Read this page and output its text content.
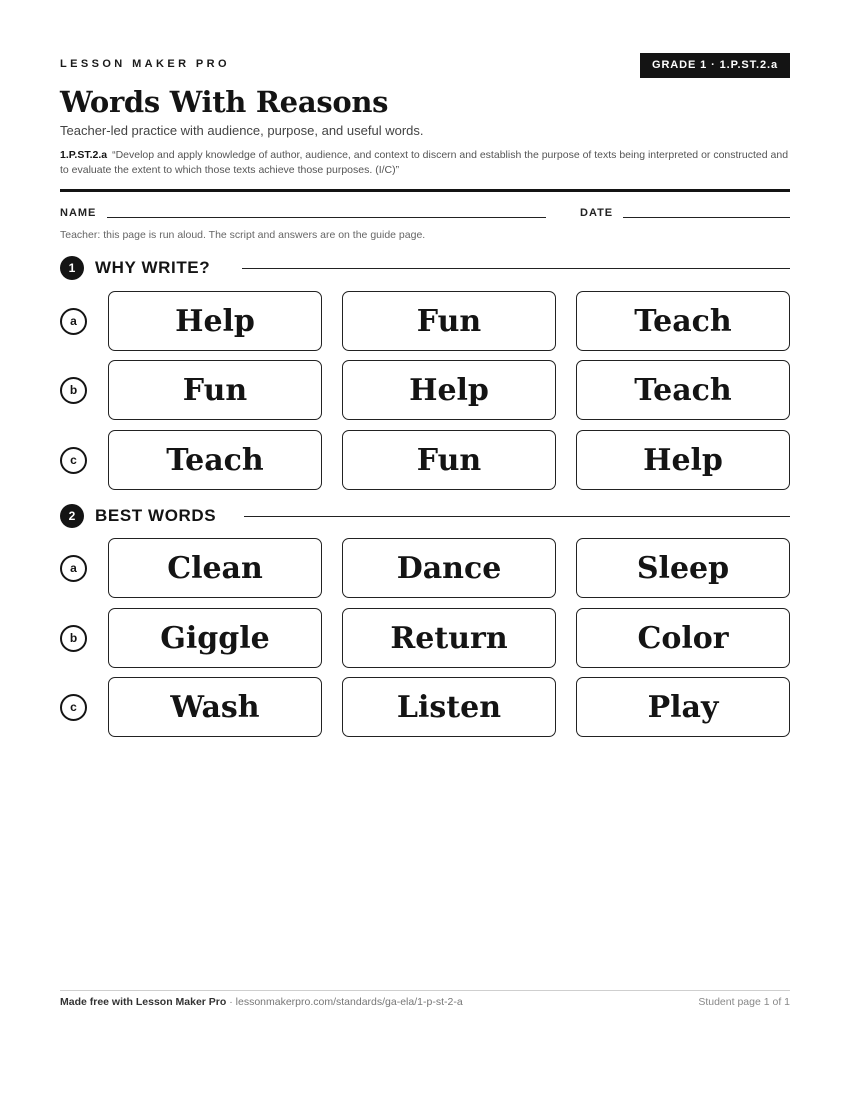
LESSON MAKER PRO	GRADE 1 · 1.P.ST.2.a
Words With Reasons
Teacher-led practice with audience, purpose, and useful words.
1.P.ST.2.a “Develop and apply knowledge of author, audience, and context to discern and establish the purpose of texts being interpreted or constructed and to evaluate the extent to which those texts achieve those purposes. (I/C)”
NAME	DATE
Teacher: this page is run aloud. The script and answers are on the guide page.
1	WHY WRITE?
a	Help	Fun	Teach
b	Fun	Help	Teach
c	Teach	Fun	Help
2	BEST WORDS
a	Clean	Dance	Sleep
b	Giggle	Return	Color
c	Wash	Listen	Play
Made free with Lesson Maker Pro · lessonmakerpro.com/standards/ga-ela/1-p-st-2-a	Student page 1 of 1
